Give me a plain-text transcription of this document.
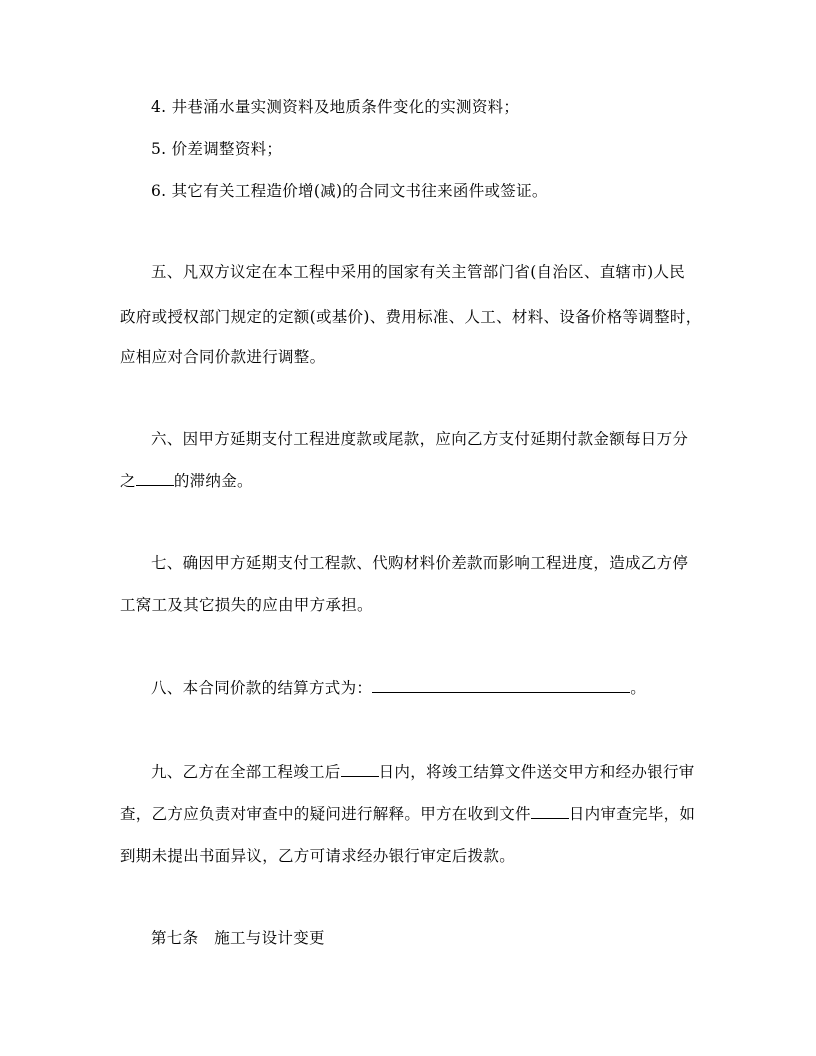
4. 井巷涌水量实测资料及地质条件变化的实测资料；
5. 价差调整资料；
6. 其它有关工程造价增(减)的合同文书往来函件或签证。
五、凡双方议定在本工程中采用的国家有关主管部门省(自治区、直辖市)人民
政府或授权部门规定的定额(或基价)、费用标准、人工、材料、设备价格等调整时，
应相应对合同价款进行调整。
六、因甲方延期支付工程进度款或尾款，应向乙方支付延期付款金额每日万分
之 的滞纳金。
七、确因甲方延期支付工程款、代购材料价差款而影响工程进度，造成乙方停
工窝工及其它损失的应由甲方承担。
八、本合同价款的结算方式为：	。
九、乙方在全部工程竣工后 日内，将竣工结算文件送交甲方和经办银行审
查，乙方应负责对审查中的疑问进行解释。甲方在收到文件 日内审查完毕，如
到期未提出书面异议，乙方可请求经办银行审定后拨款。
第七条　施工与设计变更
